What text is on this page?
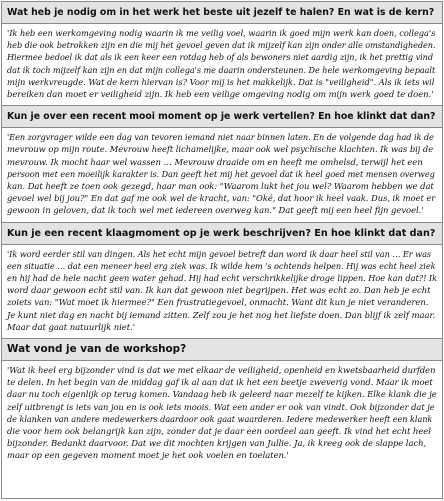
Wat heb je nodig om in het werk het beste uit jezelf te halen? En wat is de kern?
'Ik heb een werkomgeving nodig waarin ik me veilig voel, waarin ik goed mijn werk kan doen, collega's
heb die ook betrokken zijn en die mij het gevoel geven dat ik mijzelf kan zijn onder alle omstandigheden.
Hiermee bedoel ik dat als ik een keer een rotdag heb of als bewoners niet aardig zijn, ik het prettig vind
dat ik toch mijzelf kan zijn en dat mijn collega's me daarin ondersteunen. De hele werkomgeving bepaalt
mijn werkvreugde. Wat de kern hiervan is? Voor mij is het makkelijk. Dat is "veiligheid". Als ik iets wil
bereiken dan moet er veiligheid zijn. Ik heb een veilige omgeving nodig om mijn werk goed te doen.'
Kun je over een recent mooi moment op je werk vertellen? En hoe klinkt dat dan?
'Een zorgvrager wilde een dag van tevoren iemand niet naar binnen laten. En de volgende dag had ik de
mevrouw op mijn route. Mevrouw heeft lichamelijke, maar ook wel psychische klachten. Ik was bij de
mevrouw. Ik mocht haar wel wassen … Mevrouw draaide om en heeft me omhelsd, terwijl het een
persoon met een moeilijk karakter is. Dan geeft het mij het gevoel dat ik heel goed met mensen overweg
kan. Dat heeft ze toen ook gezegd, haar man ook: "Waarom lukt het jou wel? Waarom hebben we dat
gevoel wel bij jou?" En dat gaf me ook wel de kracht, van: "Oké, dat hoor ik heel vaak. Dus, ik moet er
gewoon in geloven, dat ik toch wel met iedereen overweg kan." Dat geeft mij een heel fijn gevoel.'
Kun je een recent klaagmoment op je werk beschrijven? En hoe klinkt dat dan?
'Ik word eerder stil van dingen. Als het echt mijn gevoel betreft dan word ik daar heel stil van … Er was
een situatie … dat een meneer heel erg ziek was. Ik wilde hem 's ochtends helpen. Hij was echt heel ziek
en hij had de hele nacht geen water gehad. Hij had echt verschrikkelijke droge lippen. Hoe kan dat?! Ik
word daar gewoon echt stil van. Ik kan dat gewoon niet begrijpen. Het was echt zo. Dan heb je echt
zoiets van: "Wat moet ik hiermee?" Een frustratiegevoel, onmacht. Want dit kun je niet veranderen.
Je kunt niet dag en nacht bij iemand zitten. Zelf zou je het nog het liefste doen. Dan blijf ik zelf maar.
Maar dat gaat natuurlijk niet.'
Wat vond je van de workshop?
'Wat ik heel erg bijzonder vind is dat we met elkaar de veiligheid, openheid en kwetsbaarheid durfden
te delen. In het begin van de middag gaf ik al aan dat ik het een beetje zweverig vond. Maar ik moet
daar nu toch eigenlijk op terug komen. Vandaag heb ik geleerd naar mezelf te kijken. Elke klank die je
zelf uitbrengt is iets van jou en is ook iets moois. Wat een ander er ook van vindt. Ook bijzonder dat je
de klanken van andere medewerkers daardoor ook gaat waarderen. Iedere medewerker heeft een klank
die voor hem ook belangrijk kan zijn, zonder dat je daar een oordeel aan geeft. Ik vind het echt heel
bijzonder. Bedankt daarvoor. Dat we dit mochten krijgen van Jullie. Ja, ik kreeg ook de slappe lach,
maar op een gegeven moment moet je het ook voelen en toelaten.'
